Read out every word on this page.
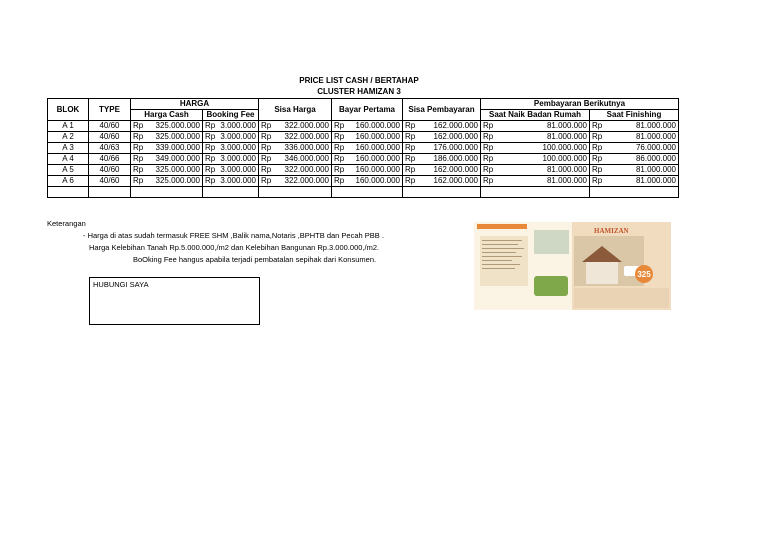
PRICE LIST CASH / BERTAHAP
CLUSTER HAMIZAN 3
BLOK	TYPE	HARGA		Sisa Harga	Bayar Pertama	Sisa Pembayaran	Pembayaran Berikutnya	
		Harga Cash	Booking Fee				Saat Naik Badan Rumah	Saat Finishing
A 1	40/60	Rp 325.000.000	Rp 3.000.000	Rp 322.000.000	Rp 160.000.000	Rp 162.000.000	Rp 81.000.000	Rp 81.000.000

A 2	40/60	Rp 325.000.000	Rp 3.000.000	Rp 322.000.000	Rp 160.000.000	Rp 162.000.000	Rp 81.000.000	Rp 81.000.000

A 3	40/63	Rp 339.000.000	Rp 3.000.000	Rp 336.000.000	Rp 160.000.000	Rp 176.000.000	Rp 100.000.000	Rp 76.000.000

A 4	40/66	Rp 349.000.000	Rp 3.000.000	Rp 346.000.000	Rp 160.000.000	Rp 186.000.000	Rp 100.000.000	Rp 86.000.000

A 5	40/60	Rp 325.000.000	Rp 3.000.000	Rp 322.000.000	Rp 160.000.000	Rp 162.000.000	Rp 81.000.000	Rp 81.000.000

A 6	40/60	Rp 325.000.000	Rp 3.000.000	Rp 322.000.000	Rp 160.000.000	Rp 162.000.000	Rp 81.000.000	Rp 81.000.000

Keterangan
- Harga di atas sudah termasuk FREE SHM ,Balik nama,Notaris ,BPHTB dan Pecah PBB .
Harga Kelebihan Tanah Rp.5.000.000,/m2 dan Kelebihan Bangunan Rp.3.000.000,/m2.
BoOking Fee hangus apabila terjadi pembatalan sepihak dari Konsumen.
HUBUNGI SAYA
325
HAMIZAN
